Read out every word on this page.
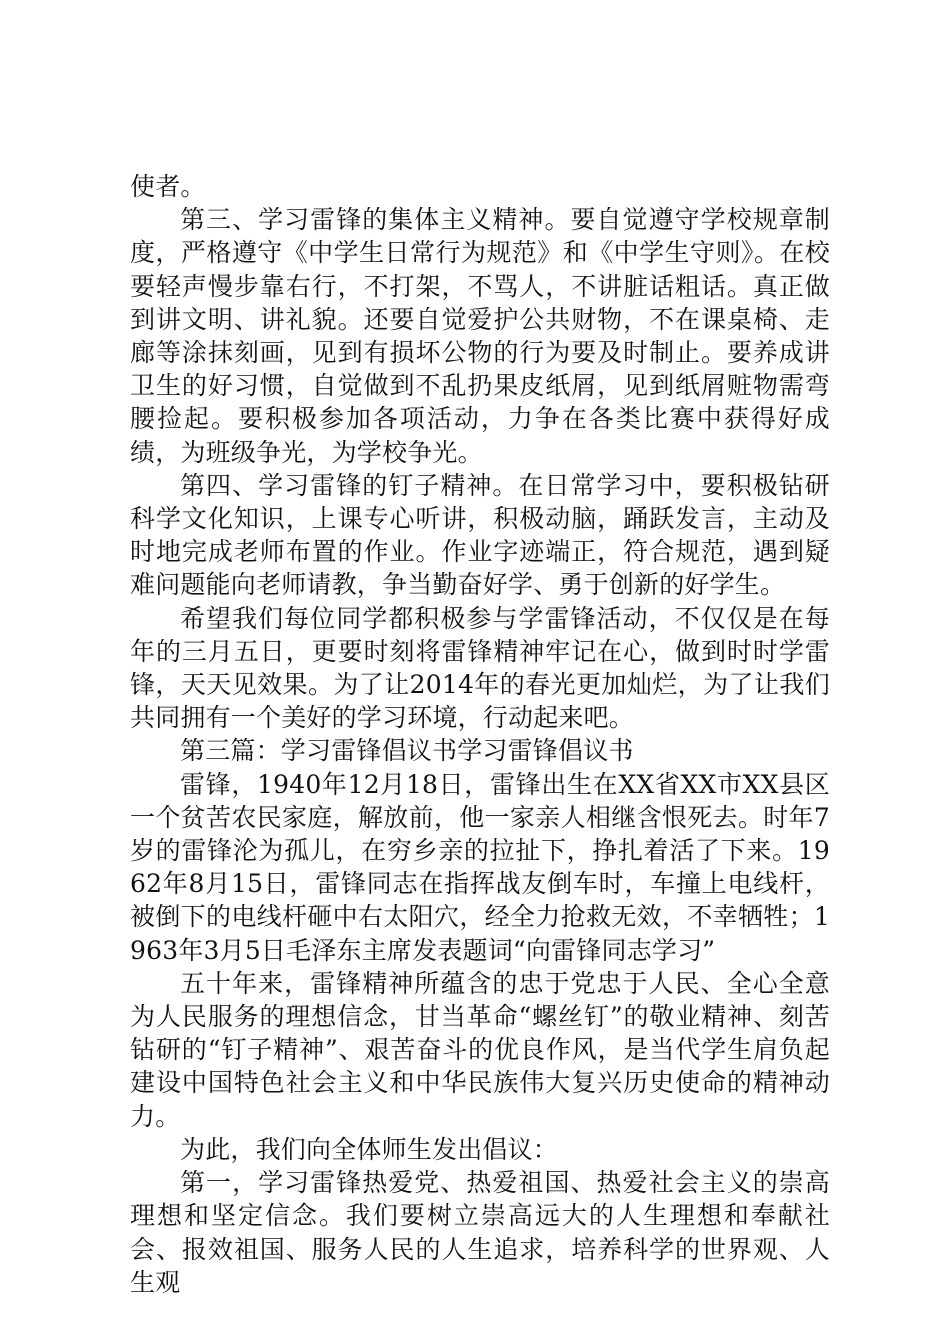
使者。

第三、学习雷锋的集体主义精神。要自觉遵守学校规章制度，严格遵守《中学生日常行为规范》和《中学生守则》。在校要轻声慢步靠右行，不打架，不骂人，不讲脏话粗话。真正做到讲文明、讲礼貌。还要自觉爱护公共财物，不在课桌椅、走廊等涂抹刻画，见到有损坏公物的行为要及时制止。要养成讲卫生的好习惯，自觉做到不乱扔果皮纸屑，见到纸屑赃物需弯腰捡起。要积极参加各项活动，力争在各类比赛中获得好成绩，为班级争光，为学校争光。

第四、学习雷锋的钉子精神。在日常学习中，要积极钻研科学文化知识，上课专心听讲，积极动脑，踊跃发言，主动及时地完成老师布置的作业。作业字迹端正，符合规范，遇到疑难问题能向老师请教，争当勤奋好学、勇于创新的好学生。

希望我们每位同学都积极参与学雷锋活动，不仅仅是在每年的三月五日，更要时刻将雷锋精神牢记在心，做到时时学雷锋，天天见效果。为了让2014年的春光更加灿烂，为了让我们共同拥有一个美好的学习环境，行动起来吧。

第三篇：学习雷锋倡议书学习雷锋倡议书

雷锋，1940年12月18日，雷锋出生在XX省XX市XX县区一个贫苦农民家庭，解放前，他一家亲人相继含恨死去。时年7岁的雷锋沦为孤儿，在穷乡亲的拉扯下，挣扎着活了下来。1962年8月15日，雷锋同志在指挥战友倒车时，车撞上电线杆，被倒下的电线杆砸中右太阳穴，经全力抢救无效，不幸牺牲；1963年3月5日毛泽东主席发表题词“向雷锋同志学习”

五十年来，雷锋精神所蕴含的忠于党忠于人民、全心全意为人民服务的理想信念，甘当革命“螺丝钉”的敬业精神、刻苦钻研的“钉子精神”、艰苦奋斗的优良作风，是当代学生肩负起建设中国特色社会主义和中华民族伟大复兴历史使命的精神动力。

为此，我们向全体师生发出倡议：

第一，学习雷锋热爱党、热爱祖国、热爱社会主义的崇高理想和坚定信念。我们要树立崇高远大的人生理想和奉献社会、报效祖国、服务人民的人生追求，培养科学的世界观、人生观
